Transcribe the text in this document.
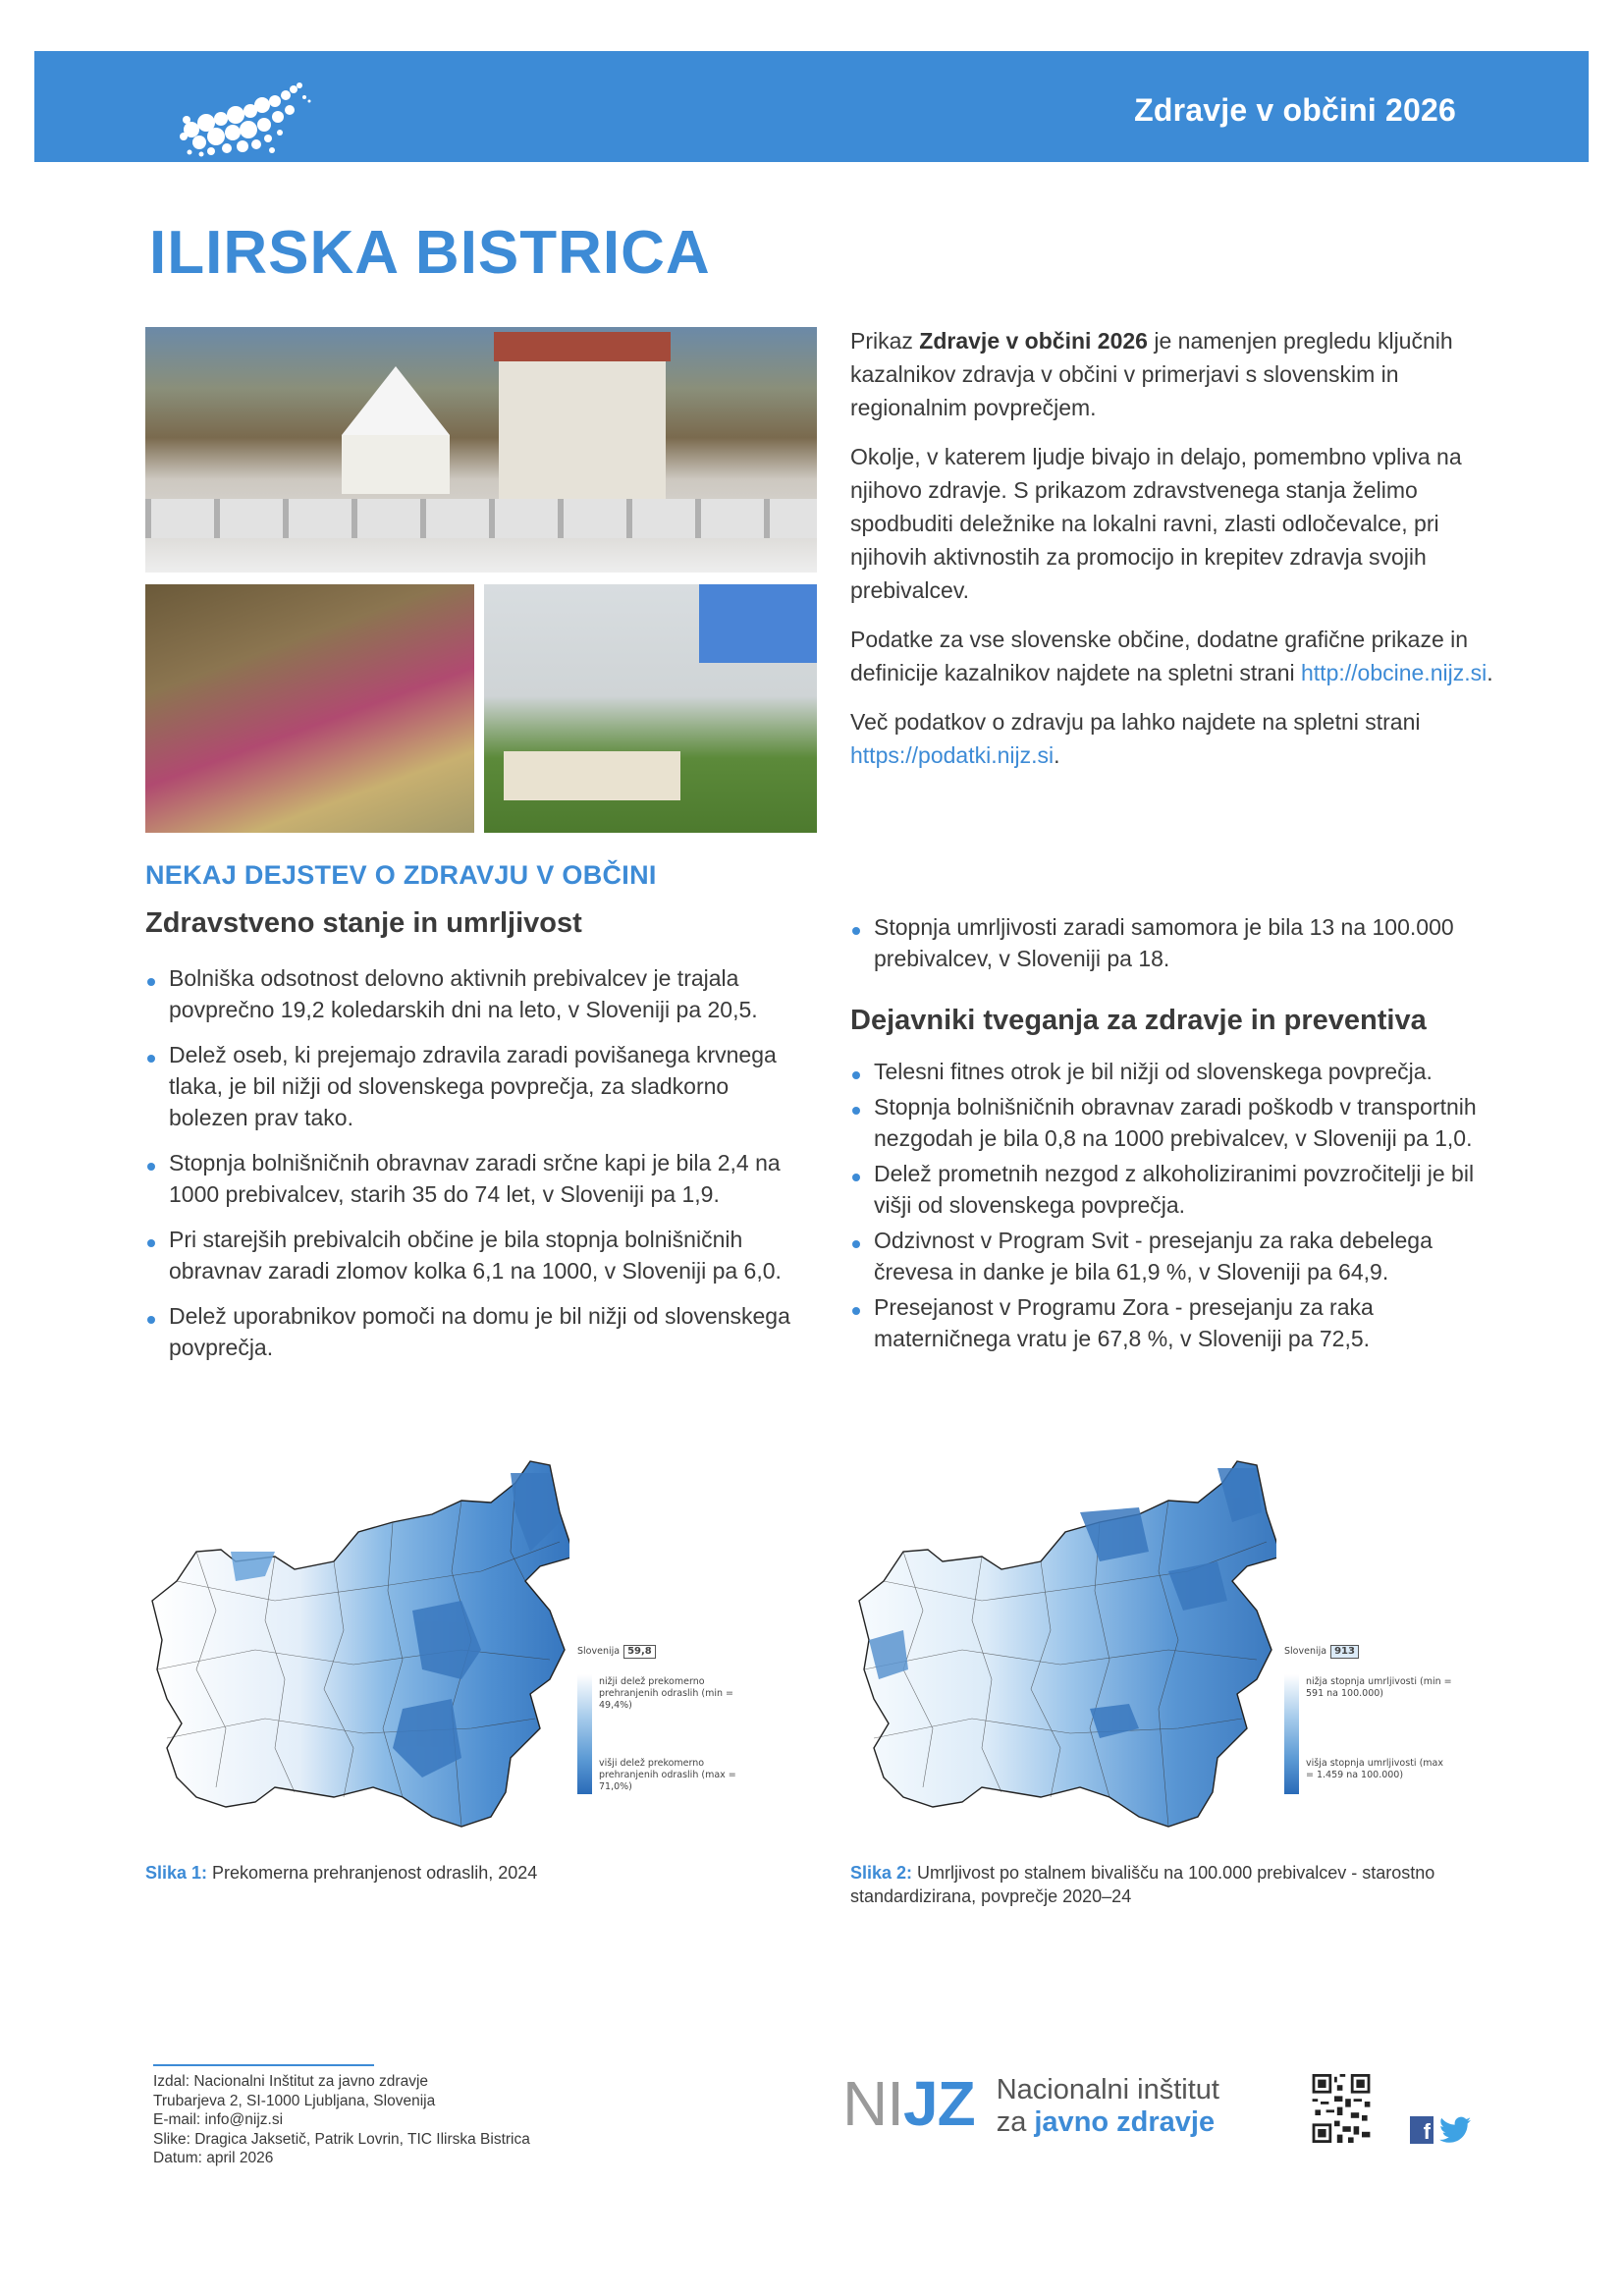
Zdravje v občini 2026
ILIRSKA BISTRICA

Prikaz Zdravje v občini 2026 je namenjen pregledu ključnih kazalnikov zdravja v občini v primerjavi s slovenskim in regionalnim povprečjem.

Okolje, v katerem ljudje bivajo in delajo, pomembno vpliva na njihovo zdravje. S prikazom zdravstvenega stanja želimo spodbuditi deležnike na lokalni ravni, zlasti odločevalce, pri njihovih aktivnostih za promocijo in krepitev zdravja svojih prebivalcev.

Podatke za vse slovenske občine, dodatne grafične prikaze in definicije kazalnikov najdete na spletni strani http://obcine.nijz.si.

Več podatkov o zdravju pa lahko najdete na spletni strani https://podatki.nijz.si.

NEKAJ DEJSTEV O ZDRAVJU V OBČINI
Zdravstveno stanje in umrljivost
Bolniška odsotnost delovno aktivnih prebivalcev je trajala povprečno 19,2 koledarskih dni na leto, v Sloveniji pa 20,5.
Delež oseb, ki prejemajo zdravila zaradi povišanega krvnega tlaka, je bil nižji od slovenskega povprečja, za sladkorno bolezen prav tako.
Stopnja bolnišničnih obravnav zaradi srčne kapi je bila 2,4 na 1000 prebivalcev, starih 35 do 74 let, v Sloveniji pa 1,9.
Pri starejših prebivalcih občine je bila stopnja bolnišničnih obravnav zaradi zlomov kolka 6,1 na 1000, v Sloveniji pa 6,0.
Delež uporabnikov pomoči na domu je bil nižji od slovenskega povprečja.
Stopnja umrljivosti zaradi samomora je bila 13 na 100.000 prebivalcev, v Sloveniji pa 18.
Dejavniki tveganja za zdravje in preventiva
Telesni fitnes otrok je bil nižji od slovenskega povprečja.
Stopnja bolnišničnih obravnav zaradi poškodb v transportnih nezgodah je bila 0,8 na 1000 prebivalcev, v Sloveniji pa 1,0.
Delež prometnih nezgod z alkoholiziranimi povzročitelji je bil višji od slovenskega povprečja.
Odzivnost v Program Svit - presejanju za raka debelega črevesa in danke je bila 61,9 %, v Sloveniji pa 64,9.
Presejanost v Programu Zora - presejanju za raka materničnega vratu je 67,8 %, v Sloveniji pa 72,5.
Slovenija 59,8
nižji delež prekomerno prehranjenih odraslih (min = 49,4%)
višji delež prekomerno prehranjenih odraslih (max = 71,0%)
Slovenija 913
nižja stopnja umrljivosti (min = 591 na 100.000)
višja stopnja umrljivosti (max = 1.459 na 100.000)
Slika 1: Prekomerna prehranjenost odraslih, 2024	Slika 2: Umrljivost po stalnem bivališču na 100.000 prebivalcev - starostno standardizirana, povprečje 2020–24
Izdal: Nacionalni Inštitut za javno zdravje
Trubarjeva 2, SI-1000 Ljubljana, Slovenija
E-mail: info@nijz.si
Slike: Dragica Jaksetič, Patrik Lovrin, TIC Ilirska Bistrica
Datum: april 2026
NIJZ Nacionalni inštitut
za javno zdravje	f
